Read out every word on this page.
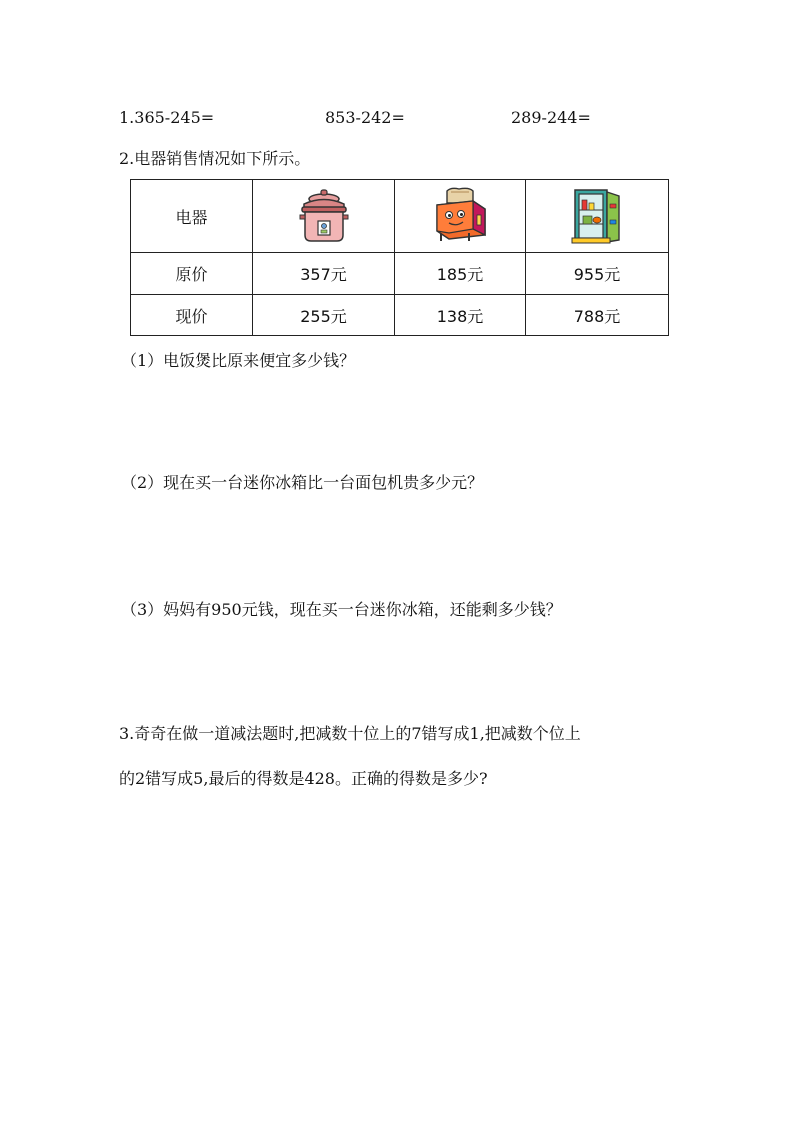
1.365-245=	853-242=	289-244=
2.电器销售情况如下所示。
电器	

原价	357元	185元	955元
现价	255元	138元	788元
（1）电饭煲比原来便宜多少钱？
（2）现在买一台迷你冰箱比一台面包机贵多少元？
（3）妈妈有950元钱，现在买一台迷你冰箱，还能剩多少钱？
3.奇奇在做一道减法题时,把减数十位上的7错写成1,把减数个位上
的2错写成5,最后的得数是428。正确的得数是多少?
